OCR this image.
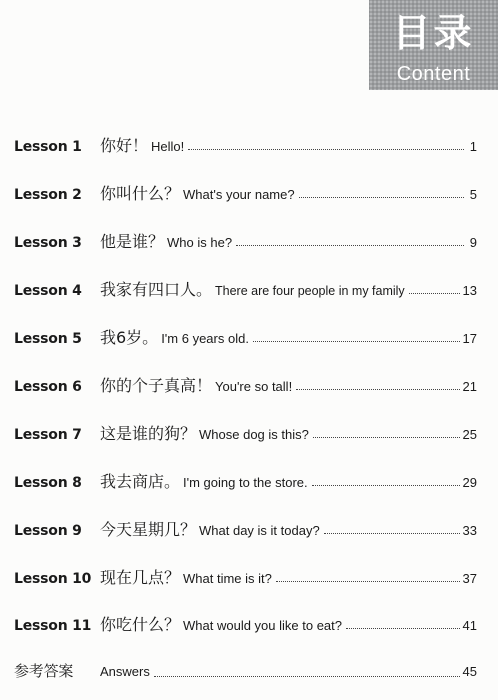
目录
Content
Lesson 1	你好！ Hello!	1
Lesson 2	你叫什么？ What's your name?	5
Lesson 3	他是谁？ Who is he?	9
Lesson 4	我家有四口人。 There are four people in my family	13
Lesson 5	我6岁。 I'm 6 years old.	17
Lesson 6	你的个子真高！ You're so tall!	21
Lesson 7	这是谁的狗？ Whose dog is this?	25
Lesson 8	我去商店。 I'm going to the store.	29
Lesson 9	今天星期几？ What day is it today?	33
Lesson 10 现在几点？ What time is it?	37
Lesson 11 你吃什么？ What would you like to eat?	41
参考答案	Answers	45
